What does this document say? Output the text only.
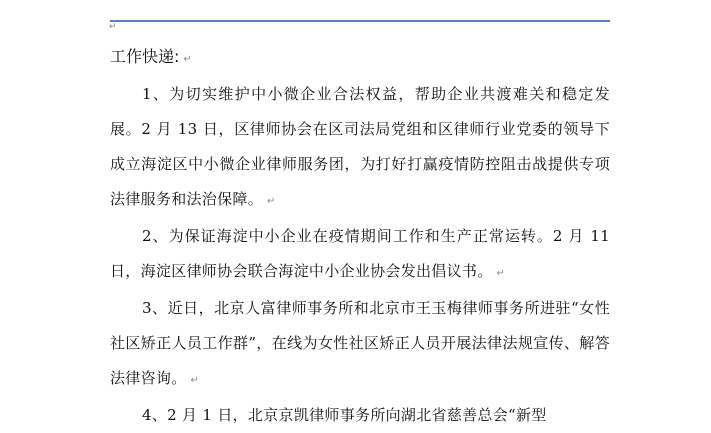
↵
工作快递: ↵

1、为切实维护中小微企业合法权益，帮助企业共渡难关和稳定发展。2 月 13 日，区律师协会在区司法局党组和区律师行业党委的领导下成立海淀区中小微企业律师服务团，为打好打赢疫情防控阻击战提供专项法律服务和法治保障。 ↵

2、为保证海淀中小企业在疫情期间工作和生产正常运转。2 月 11 日，海淀区律师协会联合海淀中小企业协会发出倡议书。 ↵

3、近日，北京人富律师事务所和北京市王玉梅律师事务所进驻“女性社区矫正人员工作群”，在线为女性社区矫正人员开展法律法规宣传、解答法律咨询。 ↵

4、2 月 1 日，北京京凯律师事务所向湖北省慈善总会“新型
